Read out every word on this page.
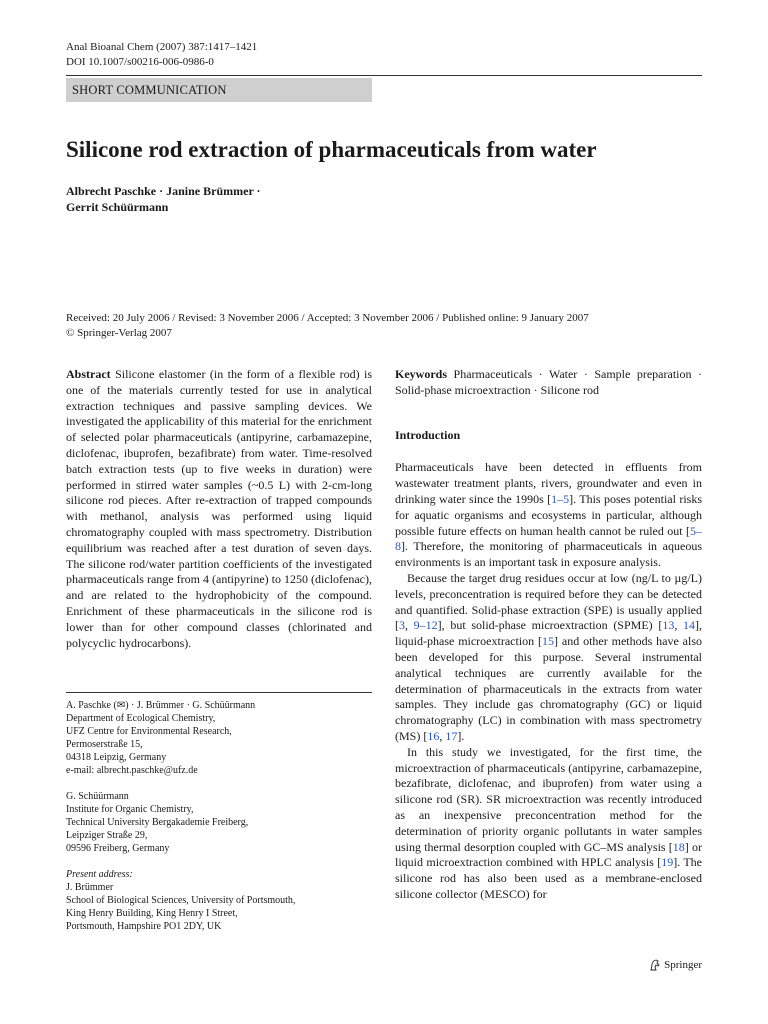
Anal Bioanal Chem (2007) 387:1417–1421
DOI 10.1007/s00216-006-0986-0
SHORT COMMUNICATION
Silicone rod extraction of pharmaceuticals from water
Albrecht Paschke · Janine Brümmer ·
Gerrit Schüürmann
Received: 20 July 2006 / Revised: 3 November 2006 / Accepted: 3 November 2006 / Published online: 9 January 2007
© Springer-Verlag 2007

Abstract Silicone elastomer (in the form of a flexible rod) is one of the materials currently tested for use in analytical extraction techniques and passive sampling devices. We investigated the applicability of this material for the enrichment of selected polar pharmaceuticals (antipyrine, carbamazepine, diclofenac, ibuprofen, bezafibrate) from water. Time-resolved batch extraction tests (up to five weeks in duration) were performed in stirred water samples (~0.5 L) with 2-cm-long silicone rod pieces. After re-extraction of trapped compounds with methanol, analysis was performed using liquid chromatography coupled with mass spectrometry. Distribution equilibrium was reached after a test duration of seven days. The silicone rod/water partition coefficients of the investigated pharmaceuticals range from 4 (antipyrine) to 1250 (diclofenac), and are related to the hydrophobicity of the compound. Enrichment of these pharmaceuticals in the silicone rod is lower than for other compound classes (chlorinated and polycyclic hydrocarbons).

A. Paschke (✉) · J. Brümmer · G. Schüürmann
Department of Ecological Chemistry,
UFZ Centre for Environmental Research,
Permoserstraße 15,
04318 Leipzig, Germany
e-mail: albrecht.paschke@ufz.de
G. Schüürmann
Institute for Organic Chemistry,
Technical University Bergakademie Freiberg,
Leipziger Straße 29,
09596 Freiberg, Germany
Present address:
J. Brümmer
School of Biological Sciences, University of Portsmouth,
King Henry Building, King Henry I Street,
Portsmouth, Hampshire PO1 2DY, UK

Keywords Pharmaceuticals · Water · Sample preparation · Solid-phase microextraction · Silicone rod

Introduction

Pharmaceuticals have been detected in effluents from wastewater treatment plants, rivers, groundwater and even in drinking water since the 1990s [1–5]. This poses potential risks for aquatic organisms and ecosystems in particular, although possible future effects on human health cannot be ruled out [5–8]. Therefore, the monitoring of pharmaceuticals in aqueous environments is an important task in exposure analysis.

Because the target drug residues occur at low (ng/L to µg/L) levels, preconcentration is required before they can be detected and quantified. Solid-phase extraction (SPE) is usually applied [3, 9–12], but solid-phase microextraction (SPME) [13, 14], liquid-phase microextraction [15] and other methods have also been developed for this purpose. Several instrumental analytical techniques are currently available for the determination of pharmaceuticals in the extracts from water samples. They include gas chromatography (GC) or liquid chromatography (LC) in combination with mass spectrometry (MS) [16, 17].

In this study we investigated, for the first time, the microextraction of pharmaceuticals (antipyrine, carbamazepine, bezafibrate, diclofenac, and ibuprofen) from water using a silicone rod (SR). SR microextraction was recently introduced as an inexpensive preconcentration method for the determination of priority organic pollutants in water samples using thermal desorption coupled with GC–MS analysis [18] or liquid microextraction combined with HPLC analysis [19]. The silicone rod has also been used as a membrane-enclosed silicone collector (MESCO) for

Springer
